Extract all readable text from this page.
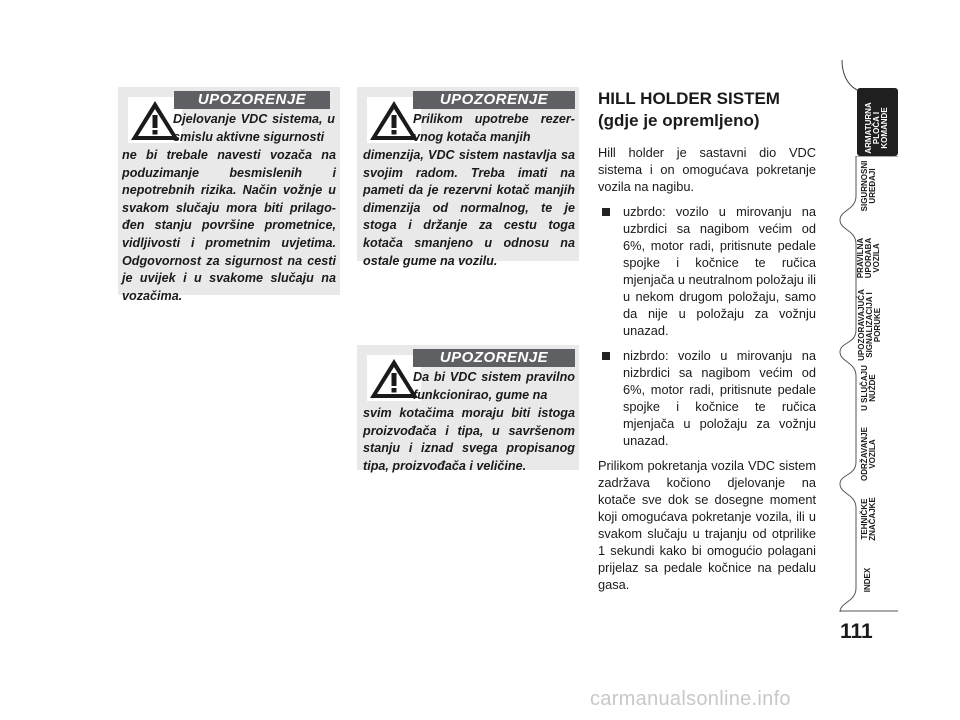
UPOZORENJE
Djelovanje VDC sistema, u smislu aktivne sigurnosti
ne bi trebale navesti vozača na poduzimanje besmislenih i nepotrebnih rizika. Način vožnje u svakom slučaju mora biti prilago-đen stanju površine prometnice, vidljivosti i prometnim uvjetima. Odgovornost za sigurnost na cesti je uvijek i u svakome slučaju na vozačima.
UPOZORENJE
Prilikom upotrebe rezer-vnog kotača manjih
dimenzija, VDC sistem nastavlja sa svojim radom. Treba imati na pameti da je rezervni kotač manjih dimenzija od normalnog, te je stoga i držanje za cestu toga kotača smanjeno u odnosu na ostale gume na vozilu.
UPOZORENJE
Da bi VDC sistem pravilno funkcionirao, gume na
svim kotačima moraju biti istoga proizvođača i tipa, u savršenom stanju i iznad svega propisanog tipa, proizvođača i veličine.
HILL HOLDER SISTEM
(gdje je opremljeno)

Hill holder je sastavni dio VDC sistema i on omogućava pokretanje vozila na nagibu.

uzbrdo: vozilo u mirovanju na uzbrdici sa nagibom većim od 6%, motor radi, pritisnute pedale spojke i kočnice te ručica mjenjača u neutralnom položaju ili u nekom drugom položaju, samo da nije u položaju za vožnju unazad.
nizbrdo: vozilo u mirovanju na nizbrdici sa nagibom većim od 6%, motor radi, pritisnute pedale spojke i kočnice te ručica mjenjača u položaju za vožnju unazad.

Prilikom pokretanja vozila VDC sistem zadržava kočiono djelovanje na kotače sve dok se dosegne moment koji omogućava pokretanje vozila, ili u svakom slučaju u trajanju od otprilike 1 sekundi kako bi omogućio polagani prijelaz sa pedale kočnice na pedalu gasa.

ARMATURNA
PLOČA I
KOMANDE
SIGURNOSNI
UREĐAJI
PRAVILNA
UPORABA
VOZILA
UPOZORAVAJUĆA
SIGNALIZACIJA I
PORUKE
U SLUČAJU
NUŽDE
ODRŽAVANJE
VOZILA
TEHNIČKE
ZNAČAJKE
INDEX
111
carmanualsonline.info
